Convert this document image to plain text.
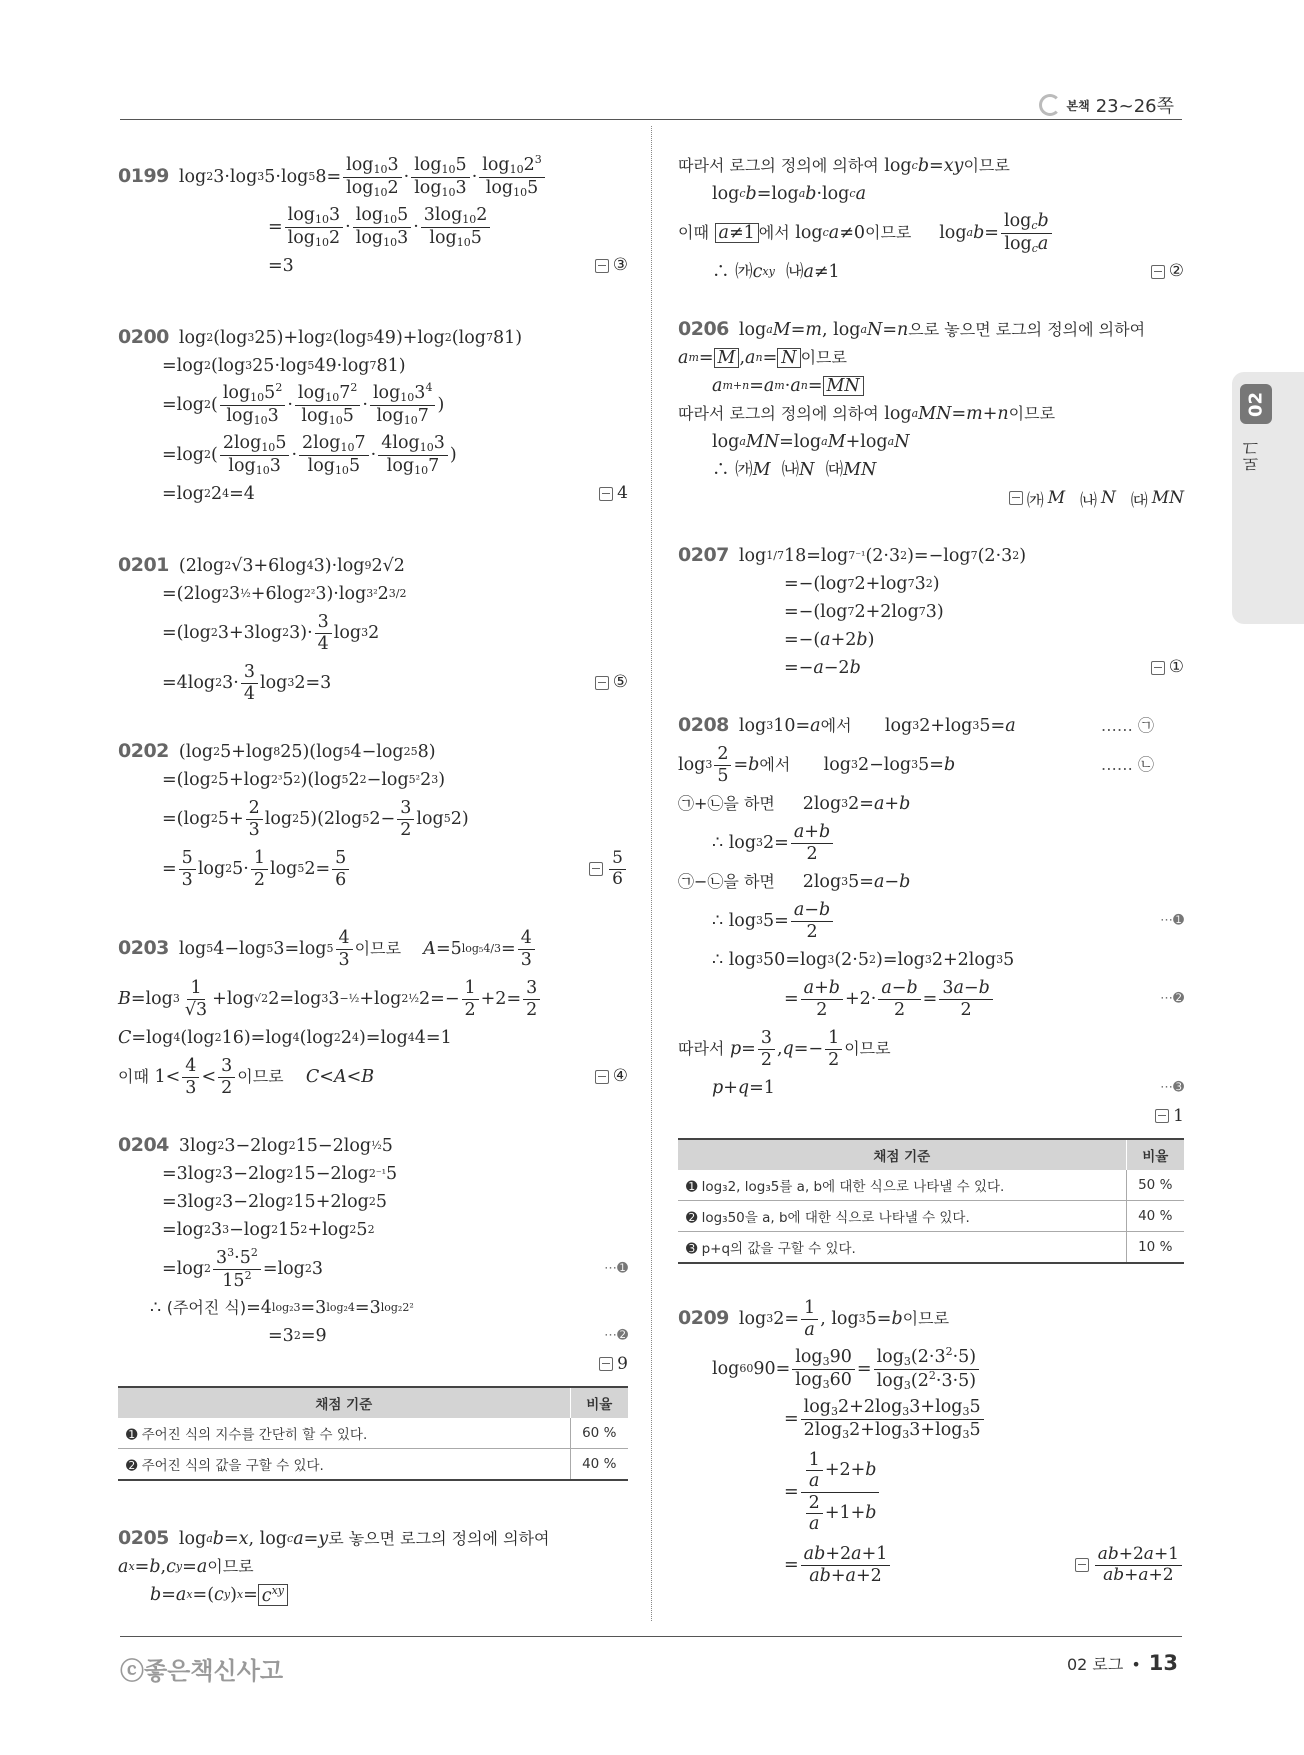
본책 23~26쪽
02
로그
0199 log 2 3·log 3 5·log 5 $8= \frac{\log_{10}3}{\log_{10}2} \cdot \frac{\log_{10}5}{\log_{10}3} \cdot \frac{\log_{10}2^3}{\log_{10}5}$
= $\frac{\log_{10}3}{\log_{10}2} \cdot \frac{\log_{10}5}{\log_{10}3} \cdot \frac{3\log_{10}2}{\log_{10}5}$
=3	③
0200 log 2 (log 3 25)+log 2 (log 5 49)+log 2 (log 7 81)
=log 2 (log 3 25·log 5 49·log 7 81)
=log 2 ( $\frac{\log_{10}5^2}{\log_{10}3} \cdot \frac{\log_{10}7^2}{\log_{10}5} \cdot \frac{\log_{10}3^4}{\log_{10}7}$ )
=log 2 ( $\frac{2\log_{10}5}{\log_{10}3} \cdot \frac{2\log_{10}7}{\log_{10}5} \cdot \frac{4\log_{10}3}{\log_{10}7}$ )
=log 2 2 4 =4	4
0201 (2log 2 √3+6log 4 3)·log 9 2√2
=(2log 2 3 ½ +6log 2² 3)·log 3² 2 3/2
=(log 2 3+3log 2 $3)\cdot \frac{3}{4}$ log 3 2
=4log 2 $3\cdot \frac{3}{4}$ log 3 2=3	⑤
0202 (log 2 5+log 8 25)(log 5 4−log 25 8)
=(log 2 5+log 2³ 5 2 )(log 5 2 2 −log 5² 2 3 )
=(log 2 $5+ \frac{2}{3}$ log 2 5)(2log 5 $2- \frac{3}{2}$ log 5 2)
= $\frac{5}{3}$ log 2 $5\cdot \frac{1}{2}$ log 5 $2= \frac{5}{6}$	$\frac{5}{6}$
0203 log 5 4−log 5 3=log $5 \frac{4}{3}$ 이므로
A =5 $\log_54/3 = \frac{4}{3}$
B =log $3 \frac{1}{√3} +\log$ √2 2=log 3 3 −½ +log 2½ $2=- \frac{1}{2} +2= \frac{3}{2}$
C =log 4 (log 2 16)=log 4 (log 2 2 4 )=log 4 4=1
이때 $1< \frac{4}{3} < \frac{3}{2}$ 이므로
C < A < B	④
0204 3log 2 3−2log 2 15−2log ½ 5
=3log 2 3−2log 2 15−2log 2⁻¹ 5
=3log 2 3−2log 2 15+2log 2 5
=log 2 3 3 −log 2 15 2 +log 2 5 2
=log $2 \frac{3^3\cdot 5^2}{15^2} =\log$ 2 3	⋯➊
∴ (주어진 식) =4 log₂3 =3 log₂4 =3 log₂2²
=3 2 =9	⋯➋
9
채점 기준	비율
➊ 주어진 식의 지수를 간단히 할 수 있다.	60 %
➋ 주어진 식의 값을 구할 수 있다.	40 %
0205 log a b = x , log c a = y 로 놓으면 로그의 정의에 의하여
a x = b , c y = a 이므로
b = a x =( c y ) $x = c^{xy}$
따라서 로그의 정의에 의하여 log c b = xy 이므로
log c b =log a b ·log c a
이때
a≠1 에서 log c a ≠0 이므로 log a $b = \frac{\log_cb}{\log_ca}$
∴ ㈎ c xy ㈏ a ≠1	②
0206 log a M = m , log a N = n 으로 놓으면 로그의 정의에 의하여
a m = M , a n = N 이므로
a m+n = a m · a n = MN
따라서 로그의 정의에 의하여 log a MN = m + n 이므로
log a MN =log a M +log a N
∴ ㈎ M ㈏ N ㈐ MN
㈎ M ㈏ N ㈐ MN
0207 log 1/7 18=log 7⁻¹ (2·3 2 )=−log 7 (2·3 2 )
=−(log 7 2+log 7 3 2 )
=−(log 7 2+2log 7 3)
=−( a +2 b )
=− a −2 b	①
0208 log 3 10= a 에서 log 3 2+log 3 5= a	…… ㉠
$\log 3 \frac{2}{5} = b$ 에서 log 3 2−log 3 5= b	…… ㉡
㉠+㉡을 하면 2log 3 2= a + b
∴ log 3 $2= \frac{a+b}{2}$
㉠−㉡을 하면 2log 3 5= a − b
∴ log 3 $5= \frac{a-b}{2}$	⋯➊
∴ log 3 50=log 3 (2·5 2 )=log 3 2+2log 3 5
= $\frac{a+b}{2} +2\cdot \frac{a-b}{2} = \frac{3a-b}{2}$	⋯➋
따라서
$p = \frac{3}{2}$ , $q =- \frac{1}{2}$ 이므로
p + q =1	⋯➌
1
채점 기준	비율
➊ log₃2, log₃5를 a, b에 대한 식으로 나타낼 수 있다.	50 %
➋ log₃50을 a, b에 대한 식으로 나타낼 수 있다.	40 %
➌ p+q의 값을 구할 수 있다.	10 %
0209 log 3 $2= \frac{1}{a}$ , log 3 5= b 이므로
log 60 $90= \frac{\log_390}{\log_360} = \frac{\log_3(2\cdot 3^2\cdot 5)}{\log_3(2^2\cdot 3\cdot 5)}$
= $\frac{\log_32+2\log_33+\log_35}{2\log_32+\log_33+\log_35}$
= $\frac{\frac{1}{a} +2+b}{\frac{2}{a} +1+b}$
= $\frac{ab+2a+1}{ab+a+2}$	$\frac{ab+2a+1}{ab+a+2}$
ⓒ좋은책신사고	02 로그 • 13
